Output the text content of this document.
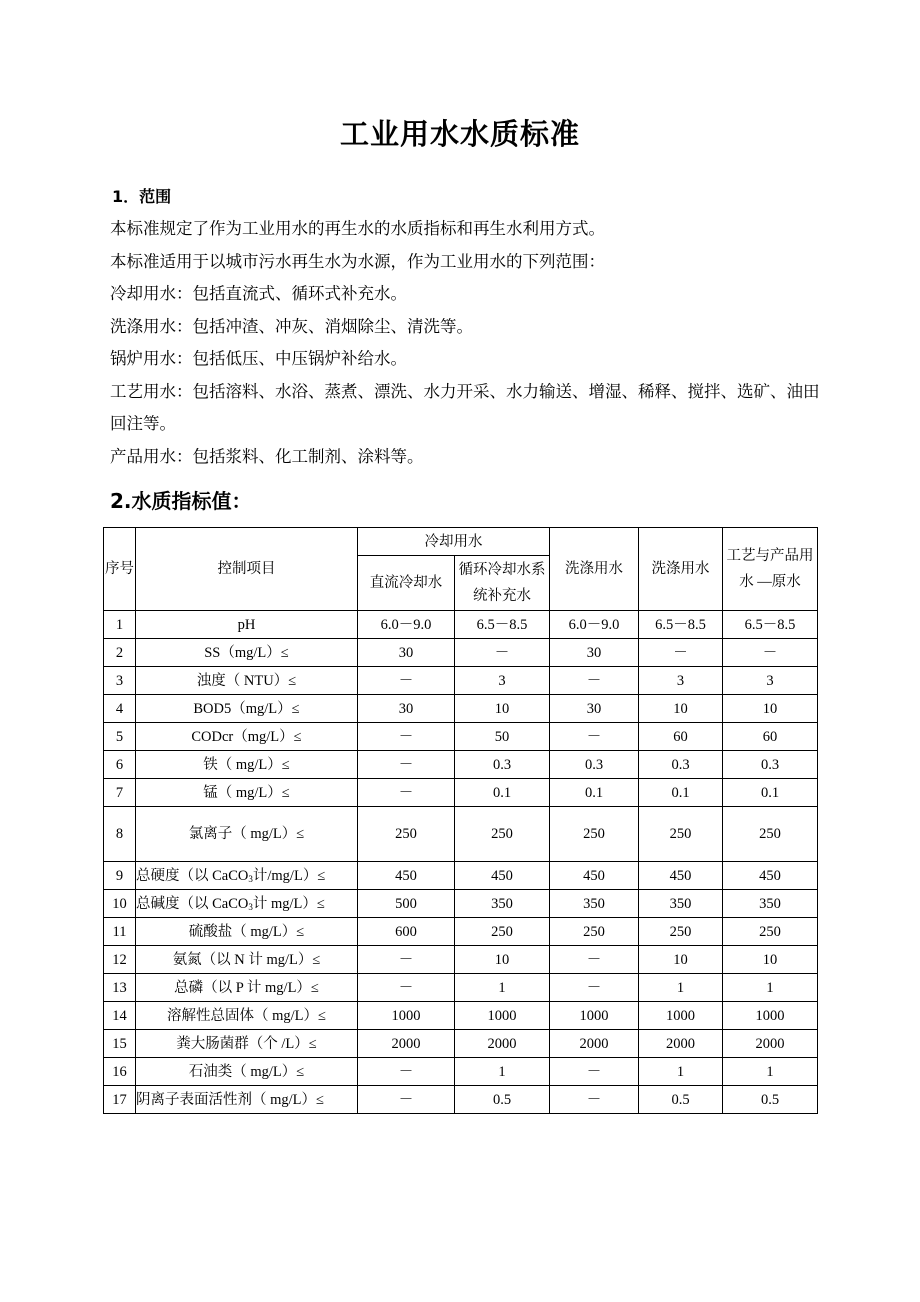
工业用水水质标准
1．范围
本标准规定了作为工业用水的再生水的水质指标和再生水利用方式。
本标准适用于以城市污水再生水为水源，作为工业用水的下列范围：
冷却用水：包括直流式、循环式补充水。
洗涤用水：包括冲渣、冲灰、消烟除尘、清洗等。
锅炉用水：包括低压、中压锅炉补给水。
工艺用水：包括溶料、水浴、蒸煮、漂洗、水力开采、水力输送、增湿、稀释、搅拌、选矿、油田回注等。
产品用水：包括浆料、化工制剂、涂料等。
2.水质指标值：
序号	控制项目	冷却用水		洗涤用水	洗涤用水	工艺与产品用水 —原水
		直流冷却水	循环冷却水系统补充水			
1	pH	6.0－9.0	6.5－8.5	6.0－9.0	6.5－8.5	6.5－8.5
2	SS（mg/L）≤	30	－	30	－	－
3	浊度（ NTU）≤	－	3	－	3	3
4	BOD5（mg/L）≤	30	10	30	10	10
5	CODcr（mg/L）≤	－	50	－	60	60
6	铁（ mg/L）≤	－	0.3	0.3	0.3	0.3
7	锰（ mg/L）≤	－	0.1	0.1	0.1	0.1
8	氯离子（ mg/L）≤	250	250	250	250	250
9	总硬度（以 CaCO$_3$计/mg/L）≤	450	450	450	450	450
10	总碱度（以 CaCO$_3$计 mg/L）≤	500	350	350	350	350
11	硫酸盐（ mg/L）≤	600	250	250	250	250
12	氨氮（以 N 计 mg/L）≤	－	10	－	10	10
13	总磷（以 P 计 mg/L）≤	－	1	－	1	1
14	溶解性总固体（ mg/L）≤	1000	1000	1000	1000	1000
15	粪大肠菌群（个 /L）≤	2000	2000	2000	2000	2000
16	石油类（ mg/L）≤	－	1	－	1	1
17	阴离子表面活性剂（ mg/L）≤	－	0.5	－	0.5	0.5
